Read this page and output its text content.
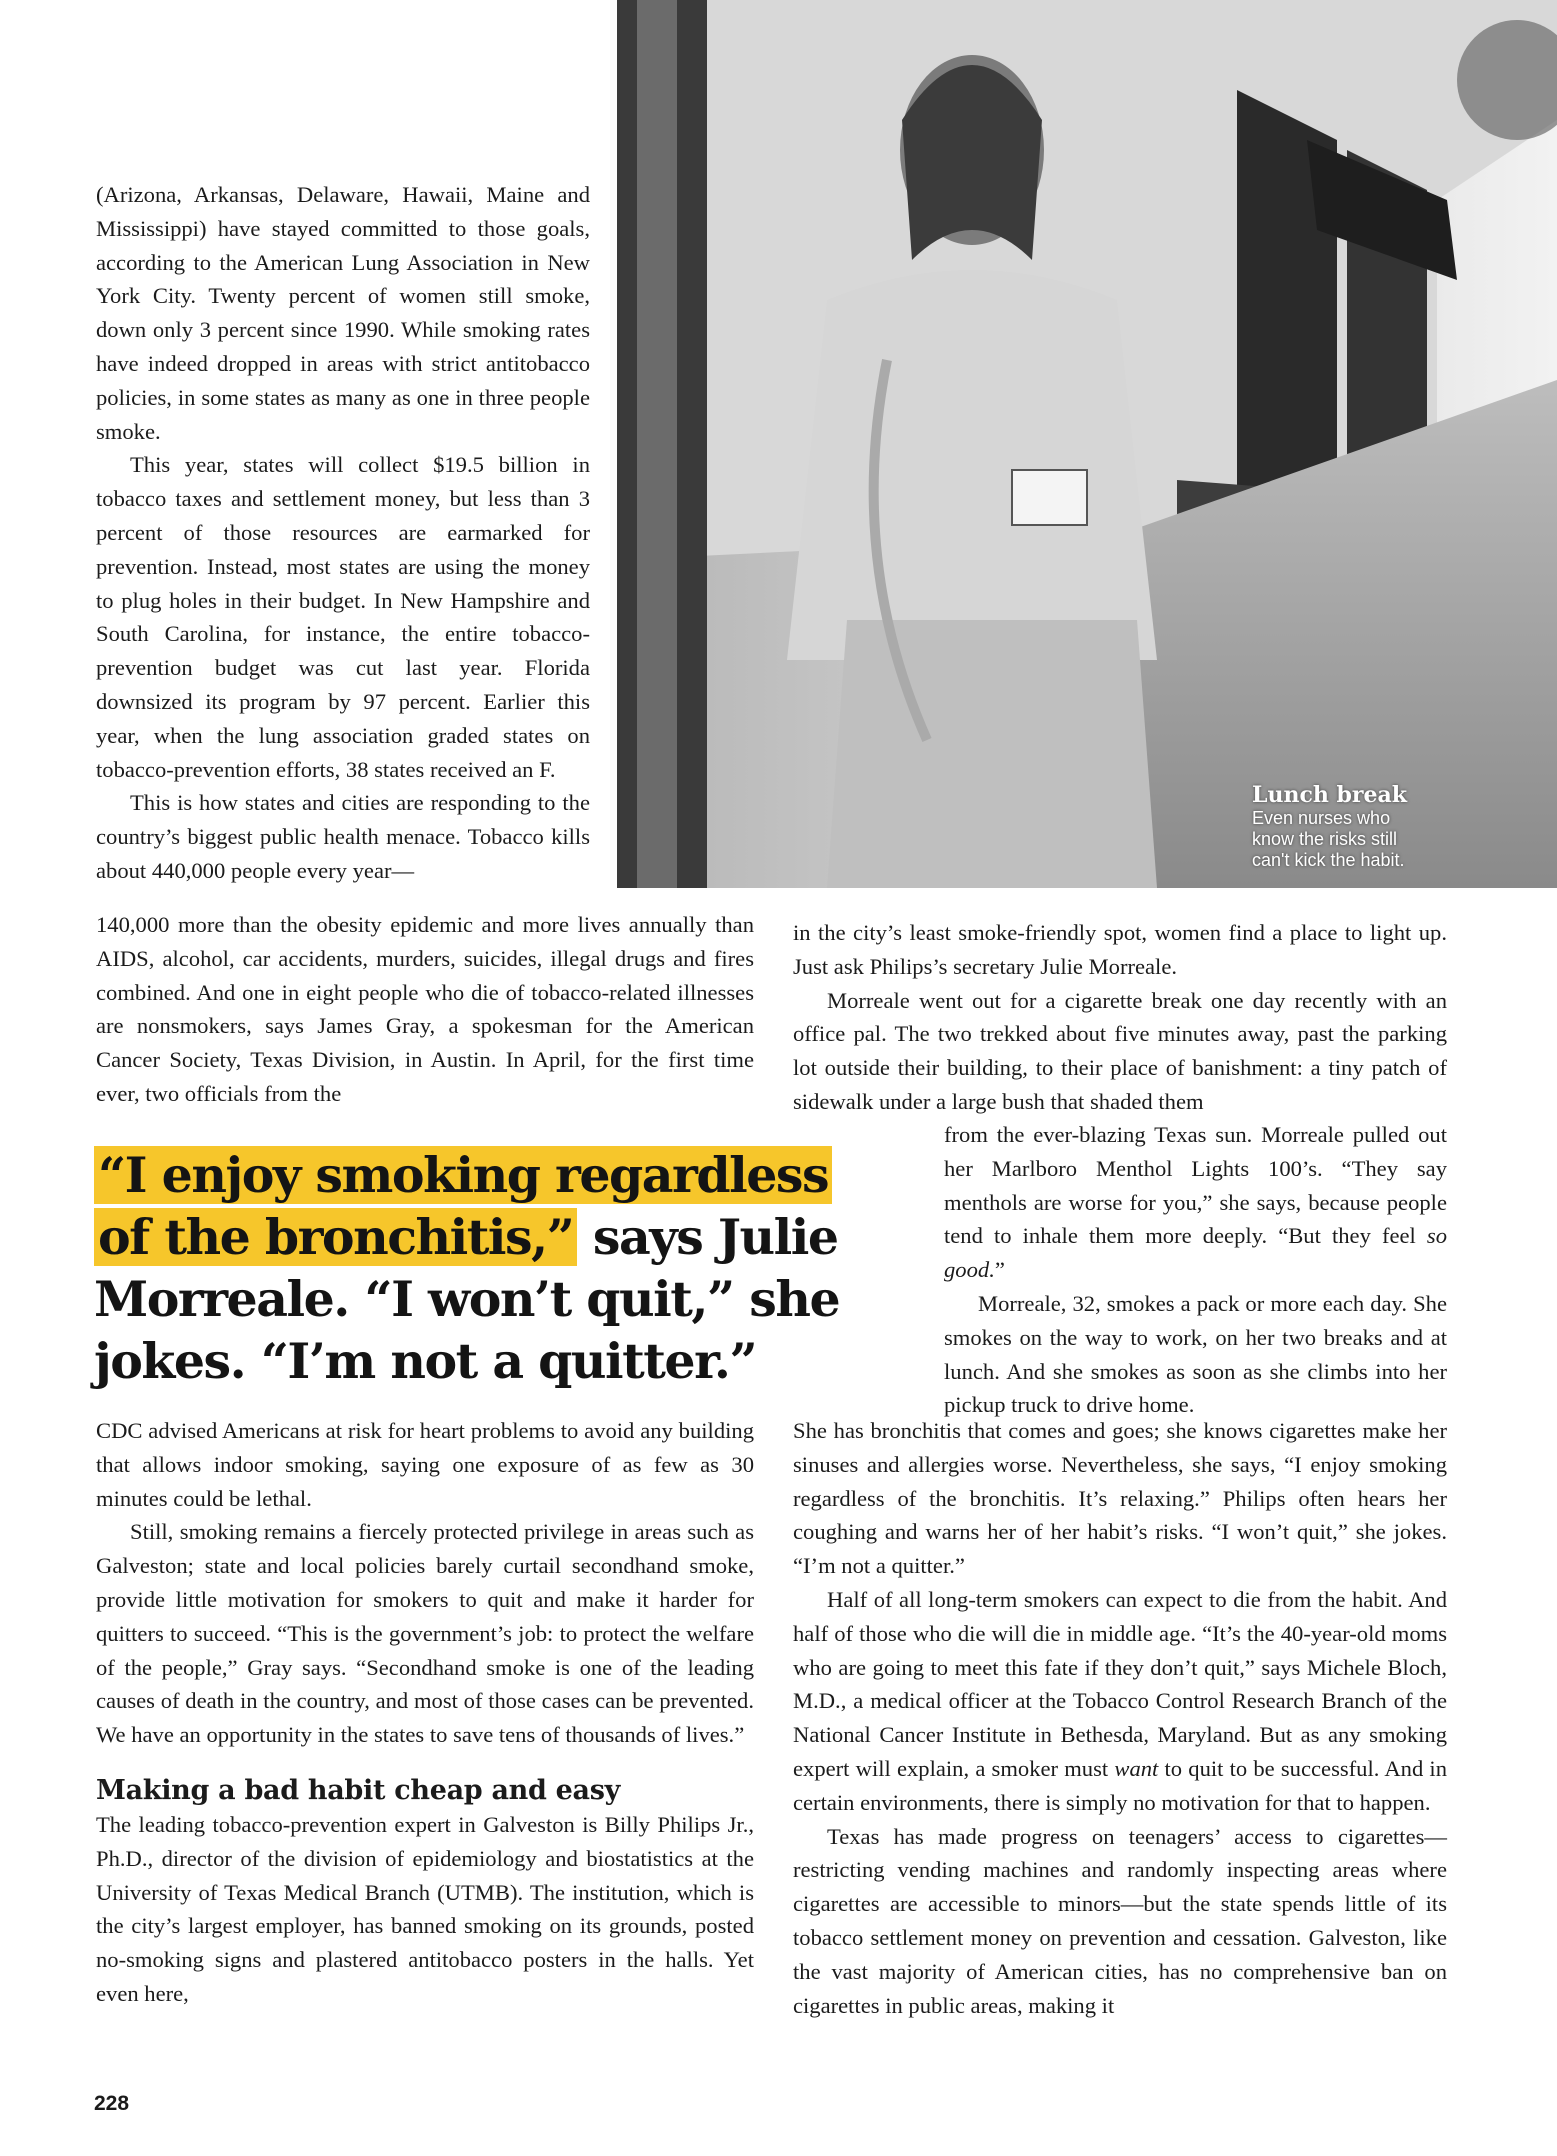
Lunch break
Even nurses who
know the risks still
can't kick the habit.

(Arizona, Arkansas, Delaware, Hawaii, Maine and Mississippi) have stayed committed to those goals, according to the American Lung Association in New York City. Twenty percent of women still smoke, down only 3 percent since 1990. While smoking rates have indeed dropped in areas with strict antitobacco policies, in some states as many as one in three people smoke.

This year, states will collect $19.5 billion in tobacco taxes and settlement money, but less than 3 percent of those resources are earmarked for prevention. Instead, most states are using the money to plug holes in their budget. In New Hampshire and South Carolina, for instance, the entire tobacco-prevention budget was cut last year. Florida downsized its program by 97 percent. Earlier this year, when the lung association graded states on tobacco-prevention efforts, 38 states received an F.

This is how states and cities are responding to the country’s biggest public health menace. Tobacco kills about 440,000 people every year—

140,000 more than the obesity epidemic and more lives annually than AIDS, alcohol, car accidents, murders, suicides, illegal drugs and fires combined. And one in eight people who die of tobacco-related illnesses are nonsmokers, says James Gray, a spokesman for the American Cancer Society, Texas Division, in Austin. In April, for the first time ever, two officials from the

“I enjoy smoking regardless
of the bronchitis,” says Julie Morreale. “I won’t quit,” she jokes. “I’m not a quitter.”

CDC advised Americans at risk for heart problems to avoid any building that allows indoor smoking, saying one exposure of as few as 30 minutes could be lethal.

Still, smoking remains a fiercely protected privilege in areas such as Galveston; state and local policies barely curtail secondhand smoke, provide little motivation for smokers to quit and make it harder for quitters to succeed. “This is the government’s job: to protect the welfare of the people,” Gray says. “Secondhand smoke is one of the leading causes of death in the country, and most of those cases can be prevented. We have an opportunity in the states to save tens of thousands of lives.”

Making a bad habit cheap and easy

The leading tobacco-prevention expert in Galveston is Billy Philips Jr., Ph.D., director of the division of epidemiology and biostatistics at the University of Texas Medical Branch (UTMB). The institution, which is the city’s largest employer, has banned smoking on its grounds, posted no-smoking signs and plastered antitobacco posters in the halls. Yet even here,

in the city’s least smoke-friendly spot, women find a place to light up. Just ask Philips’s secretary Julie Morreale.

Morreale went out for a cigarette break one day recently with an office pal. The two trekked about five minutes away, past the parking lot outside their building, to their place of banishment: a tiny patch of sidewalk under a large bush that shaded them

from the ever-blazing Texas sun. Morreale pulled out her Marlboro Menthol Lights 100’s. “They say menthols are worse for you,” she says, because people tend to inhale them more deeply. “But they feel so good.”

Morreale, 32, smokes a pack or more each day. She smokes on the way to work, on her two breaks and at lunch. And she smokes as soon as she climbs into her pickup truck to drive home.

She has bronchitis that comes and goes; she knows cigarettes make her sinuses and allergies worse. Nevertheless, she says, “I enjoy smoking regardless of the bronchitis. It’s relaxing.” Philips often hears her coughing and warns her of her habit’s risks. “I won’t quit,” she jokes. “I’m not a quitter.”

Half of all long-term smokers can expect to die from the habit. And half of those who die will die in middle age. “It’s the 40-year-old moms who are going to meet this fate if they don’t quit,” says Michele Bloch, M.D., a medical officer at the Tobacco Control Research Branch of the National Cancer Institute in Bethesda, Maryland. But as any smoking expert will explain, a smoker must want to quit to be successful. And in certain environments, there is simply no motivation for that to happen.

Texas has made progress on teenagers’ access to cigarettes—restricting vending machines and randomly inspecting areas where cigarettes are accessible to minors—but the state spends little of its tobacco settlement money on prevention and cessation. Galveston, like the vast majority of American cities, has no comprehensive ban on cigarettes in public areas, making it

228
